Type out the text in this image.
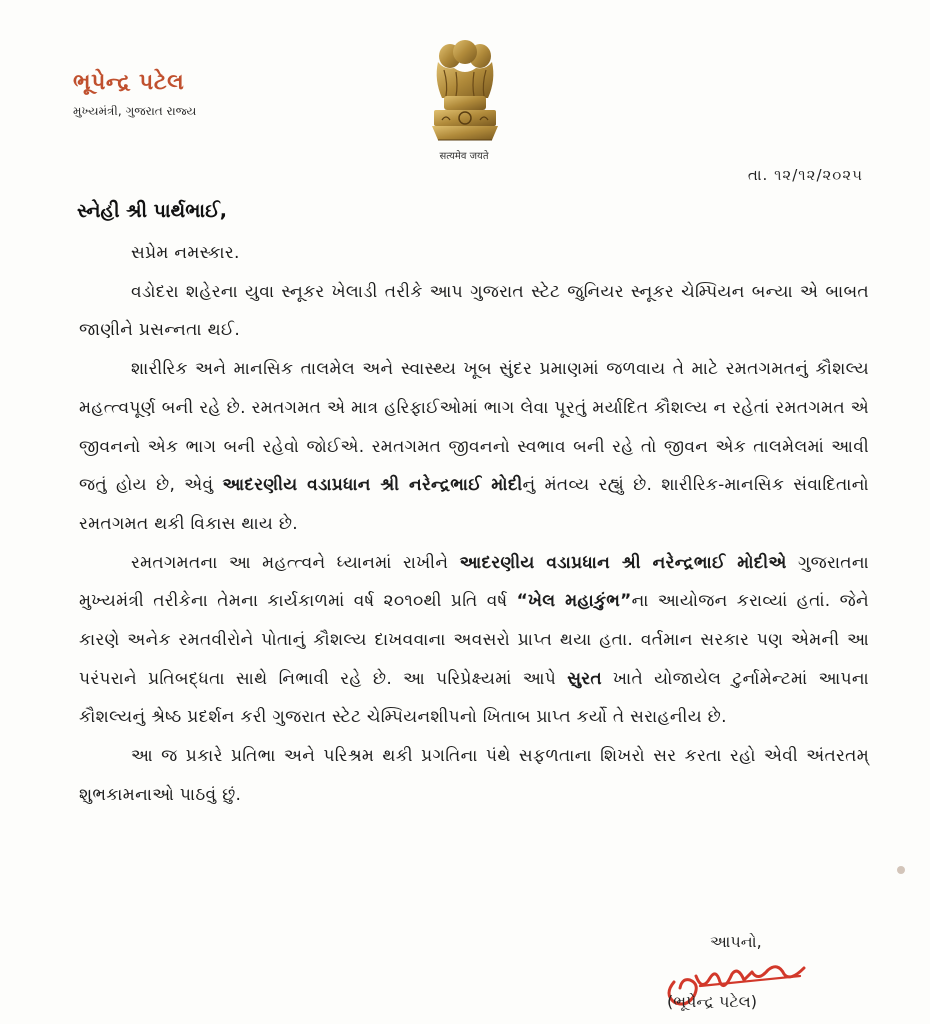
ભૂપેન્દ્ર પટેલ
મુખ્યમંત્રી, ગુજરાત રાજ્ય
सत्यमेव जयते
તા. ૧૨/૧૨/૨૦૨૫
સ્નેહી શ્રી પાર્થભાઈ,

સપ્રેમ નમસ્કાર.

વડોદરા શહેરના યુવા સ્નૂકર ખેલાડી તરીકે આપ ગુજરાત સ્ટેટ જુનિયર સ્નૂકર ચેમ્પિયન બન્યા એ બાબત જાણીને પ્રસન્નતા થઈ.

શારીરિક અને માનસિક તાલમેલ અને સ્વાસ્થ્ય ખૂબ સુંદર પ્રમાણમાં જળવાય તે માટે રમતગમતનું કૌશલ્ય મહત્ત્વપૂર્ણ બની રહે છે. રમતગમત એ માત્ર હરિફાઈઓમાં ભાગ લેવા પૂરતું મર્યાદિત કૌશલ્ય ન રહેતાં રમતગમત એ જીવનનો એક ભાગ બની રહેવો જોઈએ. રમતગમત જીવનનો સ્વભાવ બની રહે તો જીવન એક તાલમેલમાં આવી જતું હોય છે, એવું આદરણીય વડાપ્રધાન શ્રી નરેન્દ્રભાઈ મોદીનું મંતવ્ય રહ્યું છે. શારીરિક-માનસિક સંવાદિતાનો રમતગમત થકી વિકાસ થાય છે.

રમતગમતના આ મહત્ત્વને ધ્યાનમાં રાખીને આદરણીય વડાપ્રધાન શ્રી નરેન્દ્રભાઈ મોદીએ ગુજરાતના મુખ્યમંત્રી તરીકેના તેમના કાર્યકાળમાં વર્ષ ૨૦૧૦થી પ્રતિ વર્ષ “ખેલ મહાકુંભ”ના આયોજન કરાવ્યાં હતાં. જેને કારણે અનેક રમતવીરોને પોતાનું કૌશલ્ય દાખવવાના અવસરો પ્રાપ્ત થયા હતા. વર્તમાન સરકાર પણ એમની આ પરંપરાને પ્રતિબદ્ધતા સાથે નિભાવી રહે છે. આ પરિપ્રેક્ષ્યમાં આપે સુરત ખાતે યોજાયેલ ટુર્નામેન્ટમાં આપના કૌશલ્યનું શ્રેષ્ઠ પ્રદર્શન કરી ગુજરાત સ્ટેટ ચેમ્પિયનશીપનો ખિતાબ પ્રાપ્ત કર્યો તે સરાહનીય છે.

આ જ પ્રકારે પ્રતિભા અને પરિશ્રમ થકી પ્રગતિના પંથે સફળતાના શિખરો સર કરતા રહો એવી અંતરતમ્ શુભકામનાઓ પાઠવું છું.

આપનો,
(ભૂપેન્દ્ર પટેલ)
